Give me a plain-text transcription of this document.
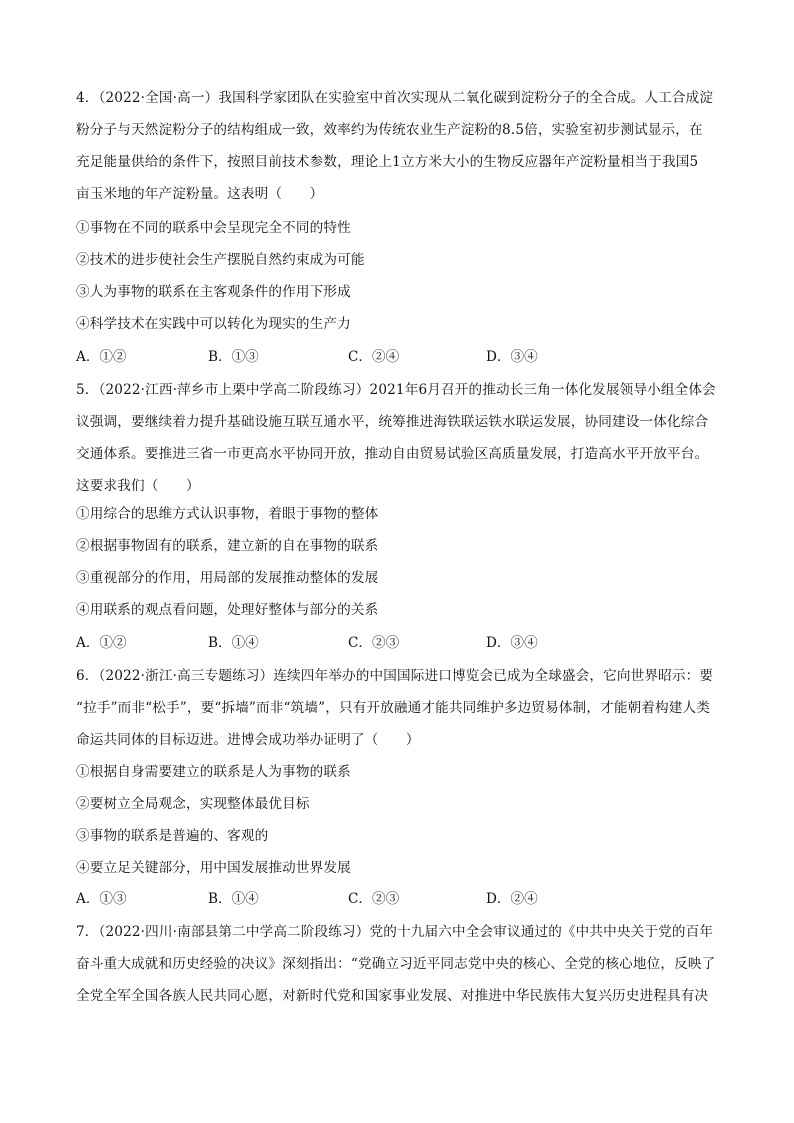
4．（2022·全国·高一）我国科学家团队在实验室中首次实现从二氧化碳到淀粉分子的全合成。人工合成淀
粉分子与天然淀粉分子的结构组成一致，效率约为传统农业生产淀粉的8.5倍，实验室初步测试显示，在
充足能量供给的条件下，按照目前技术参数，理论上1立方米大小的生物反应器年产淀粉量相当于我国5
亩玉米地的年产淀粉量。这表明（　　）
①事物在不同的联系中会呈现完全不同的特性
②技术的进步使社会生产摆脱自然约束成为可能
③人为事物的联系在主客观条件的作用下形成
④科学技术在实践中可以转化为现实的生产力
A．①②	B．①③	C．②④	D．③④
5．（2022·江西·萍乡市上栗中学高二阶段练习）2021年6月召开的推动长三角一体化发展领导小组全体会
议强调，要继续着力提升基础设施互联互通水平，统筹推进海铁联运铁水联运发展，协同建设一体化综合
交通体系。要推进三省一市更高水平协同开放，推动自由贸易试验区高质量发展，打造高水平开放平台。
这要求我们（　　）
①用综合的思维方式认识事物，着眼于事物的整体
②根据事物固有的联系，建立新的自在事物的联系
③重视部分的作用，用局部的发展推动整体的发展
④用联系的观点看问题，处理好整体与部分的关系
A．①②	B．①④	C．②③	D．③④
6．（2022·浙江·高三专题练习）连续四年举办的中国国际进口博览会已成为全球盛会，它向世界昭示：要
“拉手”而非“松手”，要“拆墙”而非“筑墙”，只有开放融通才能共同维护多边贸易体制，才能朝着构建人类
命运共同体的目标迈进。进博会成功举办证明了（　　）
①根据自身需要建立的联系是人为事物的联系
②要树立全局观念，实现整体最优目标
③事物的联系是普遍的、客观的
④要立足关键部分，用中国发展推动世界发展
A．①③	B．①④	C．②③	D．②④
7．（2022·四川·南部县第二中学高二阶段练习）党的十九届六中全会审议通过的《中共中央关于党的百年
奋斗重大成就和历史经验的决议》深刻指出：“党确立习近平同志党中央的核心、全党的核心地位，反映了
全党全军全国各族人民共同心愿，对新时代党和国家事业发展、对推进中华民族伟大复兴历史进程具有决
